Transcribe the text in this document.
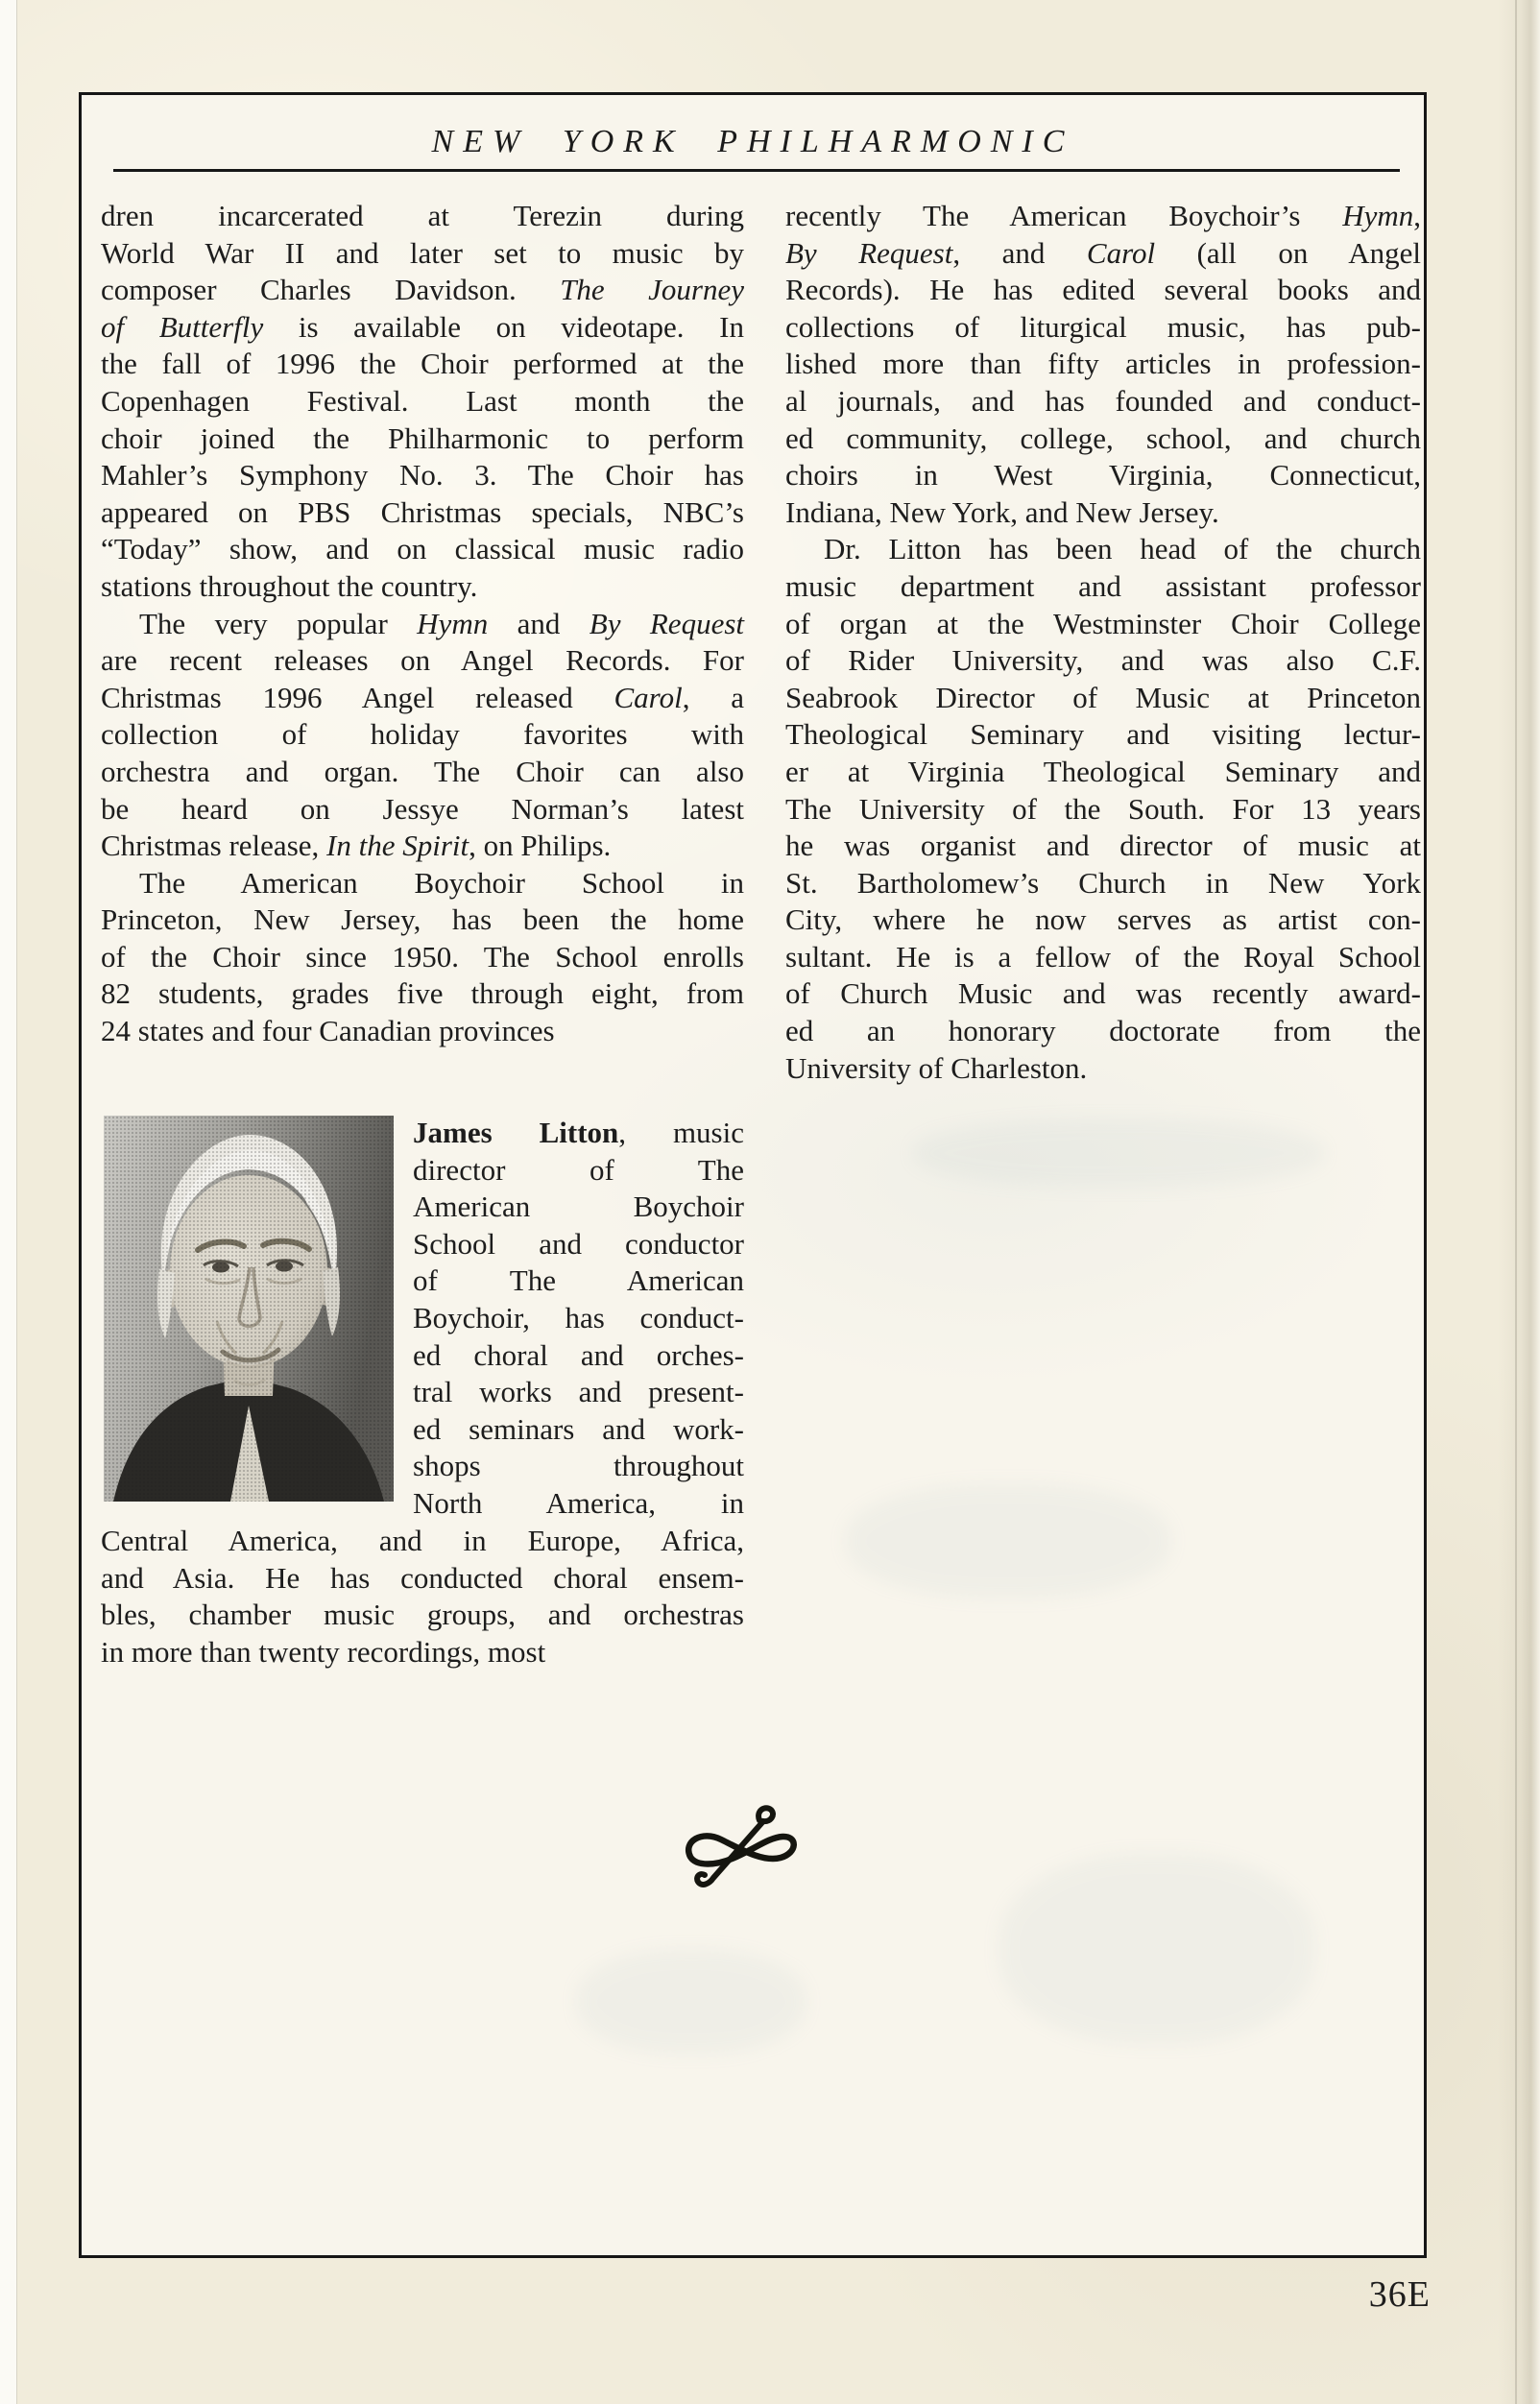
NEW YORK PHILHARMONIC
dren incarcerated at Terezin during
World War II and later set to music by
composer Charles Davidson. The Journey
of Butterfly is available on videotape. In
the fall of 1996 the Choir performed at the
Copenhagen Festival. Last month the
choir joined the Philharmonic to perform
Mahler’s Symphony No. 3. The Choir has
appeared on PBS Christmas specials, NBC’s
“Today” show, and on classical music radio
stations throughout the country.
The very popular Hymn and By Request
are recent releases on Angel Records. For
Christmas 1996 Angel released Carol, a
collection of holiday favorites with
orchestra and organ. The Choir can also
be heard on Jessye Norman’s latest
Christmas release, In the Spirit, on Philips.
The American Boychoir School in
Princeton, New Jersey, has been the home
of the Choir since 1950. The School enrolls
82 students, grades five through eight, from
24 states and four Canadian provinces
recently The American Boychoir’s Hymn,
By Request, and Carol (all on Angel
Records). He has edited several books and
collections of liturgical music, has pub-
lished more than fifty articles in profession-
al journals, and has founded and conduct-
ed community, college, school, and church
choirs in West Virginia, Connecticut,
Indiana, New York, and New Jersey.
Dr. Litton has been head of the church
music department and assistant professor
of organ at the Westminster Choir College
of Rider University, and was also C.F.
Seabrook Director of Music at Princeton
Theological Seminary and visiting lectur-
er at Virginia Theological Seminary and
The University of the South. For 13 years
he was organist and director of music at
St. Bartholomew’s Church in New York
City, where he now serves as artist con-
sultant. He is a fellow of the Royal School
of Church Music and was recently award-
ed an honorary doctorate from the
University of Charleston.
James Litton, music
director of The
American Boychoir
School and conductor
of The American
Boychoir, has conduct-
ed choral and orches-
tral works and present-
ed seminars and work-
shops throughout
North America, in
Central America, and in Europe, Africa,
and Asia. He has conducted choral ensem-
bles, chamber music groups, and orchestras
in more than twenty recordings, most
36E
